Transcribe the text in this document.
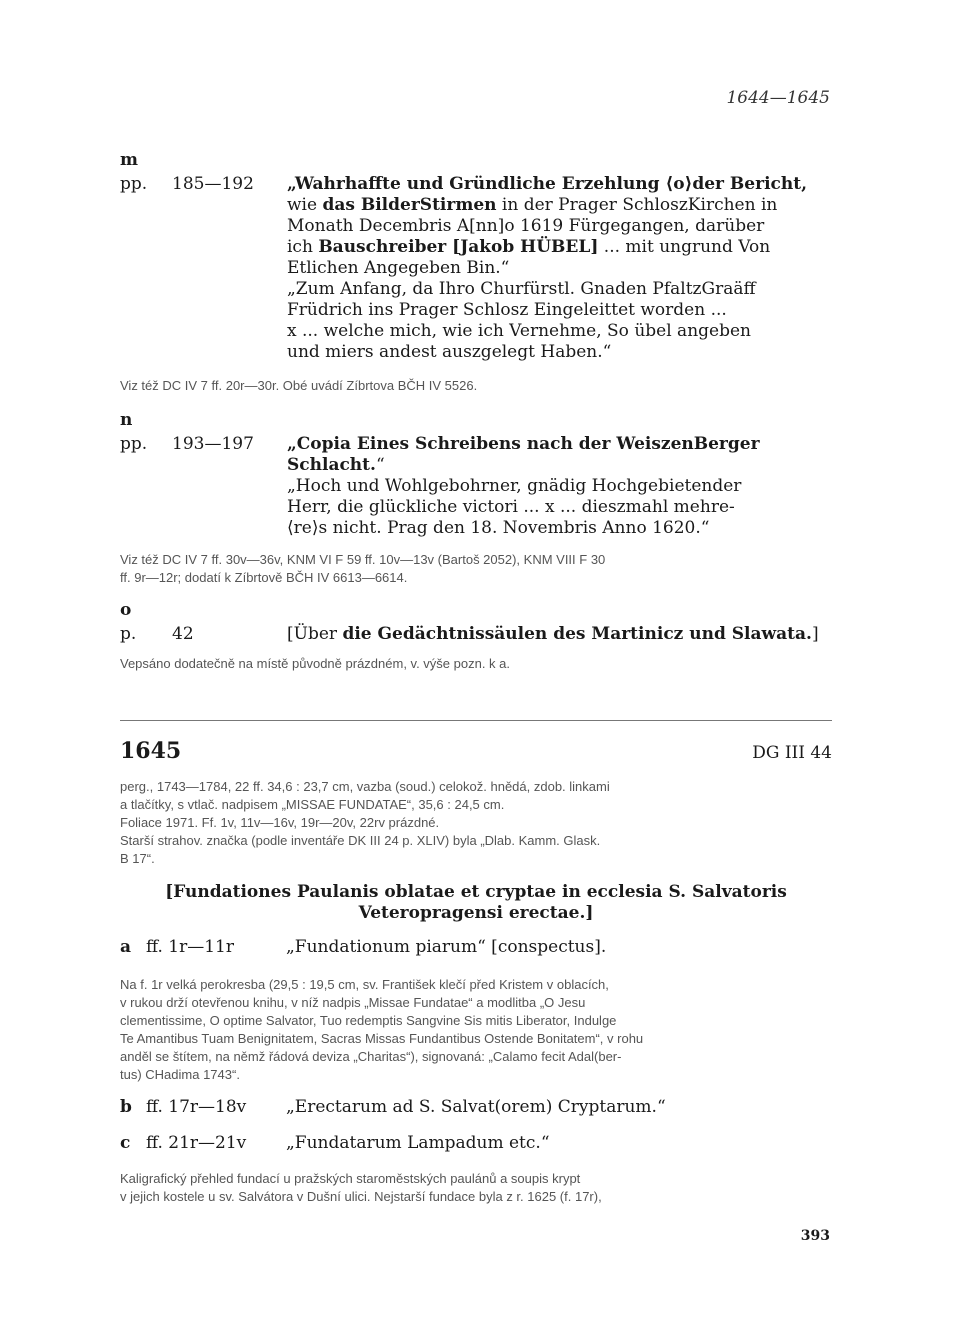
1644—1645

m

pp.	185—192	„Wahrhaffte und Gründliche Erzehlung ⟨o⟩der Bericht,

wie das BilderStirmen in der Prager SchloszKirchen in

Monath Decembris A[nn]o 1619 Fürgegangen, darüber

ich Bauschreiber [Jakob HÜBEL] ... mit ungrund Von

Etlichen Angegeben Bin.“

„Zum Anfang, da Ihro Churfürstl. Gnaden PfaltzGraäff

Früdrich ins Prager Schlosz Eingeleittet worden ...

x ... welche mich, wie ich Vernehme, So übel angeben

und miers andest auszgelegt Haben.“

Viz též DC IV 7 ff. 20r—30r. Obé uvádí Zíbrtova BČH IV 5526.

n

pp.	193—197	„Copia Eines Schreibens nach der WeiszenBerger

Schlacht.“

„Hoch und Wohlgebohrner, gnädig Hochgebietender

Herr, die glückliche victori ... x ... dieszmahl mehre-

⟨re⟩s nicht. Prag den 18. Novembris Anno 1620.“

Viz též DC IV 7 ff. 30v—36v, KNM VI F 59 ff. 10v—13v (Bartoš 2052), KNM VIII F 30

ff. 9r—12r; dodatí k Zíbrtově BČH IV 6613—6614.

o

p.	42	[Über die Gedächtnissäulen des Martinicz und Slawata.]

Vepsáno dodatečně na místě původně prázdném, v. výše pozn. k a.

1645	DG III 44

perg., 1743—1784, 22 ff. 34,6 : 23,7 cm, vazba (soud.) celokož. hnědá, zdob. linkami

a tlačítky, s vtlač. nadpisem „MISSAE FUNDATAE“, 35,6 : 24,5 cm.

Foliace 1971. Ff. 1v, 11v—16v, 19r—20v, 22rv prázdné.

Starší strahov. značka (podle inventáře DK III 24 p. XLIV) byla „Dlab. Kamm. Glask.

B 17“.

[Fundationes Paulanis oblatae et cryptae in ecclesia S. Salvatoris

Veteropragensi erectae.]

a ff. 1r—11r	„Fundationum piarum“ [conspectus].

Na f. 1r velká perokresba (29,5 : 19,5 cm, sv. František klečí před Kristem v oblacích,

v rukou drží otevřenou knihu, v níž nadpis „Missae Fundatae“ a modlitba „O Jesu

clementissime, O optime Salvator, Tuo redemptis Sangvine Sis mitis Liberator, Indulge

Te Amantibus Tuam Benignitatem, Sacras Missas Fundantibus Ostende Bonitatem“, v rohu

anděl se štítem, na němž řádová deviza „Charitas“), signovaná: „Calamo fecit Adal(ber-

tus) CHadima 1743“.

b ff. 17r—18v	„Erectarum ad S. Salvat(orem) Cryptarum.“
c ff. 21r—21v	„Fundatarum Lampadum etc.“

Kaligrafický přehled fundací u pražských staroměstských paulánů a soupis krypt

v jejich kostele u sv. Salvátora v Dušní ulici. Nejstarší fundace byla z r. 1625 (f. 17r),

393
